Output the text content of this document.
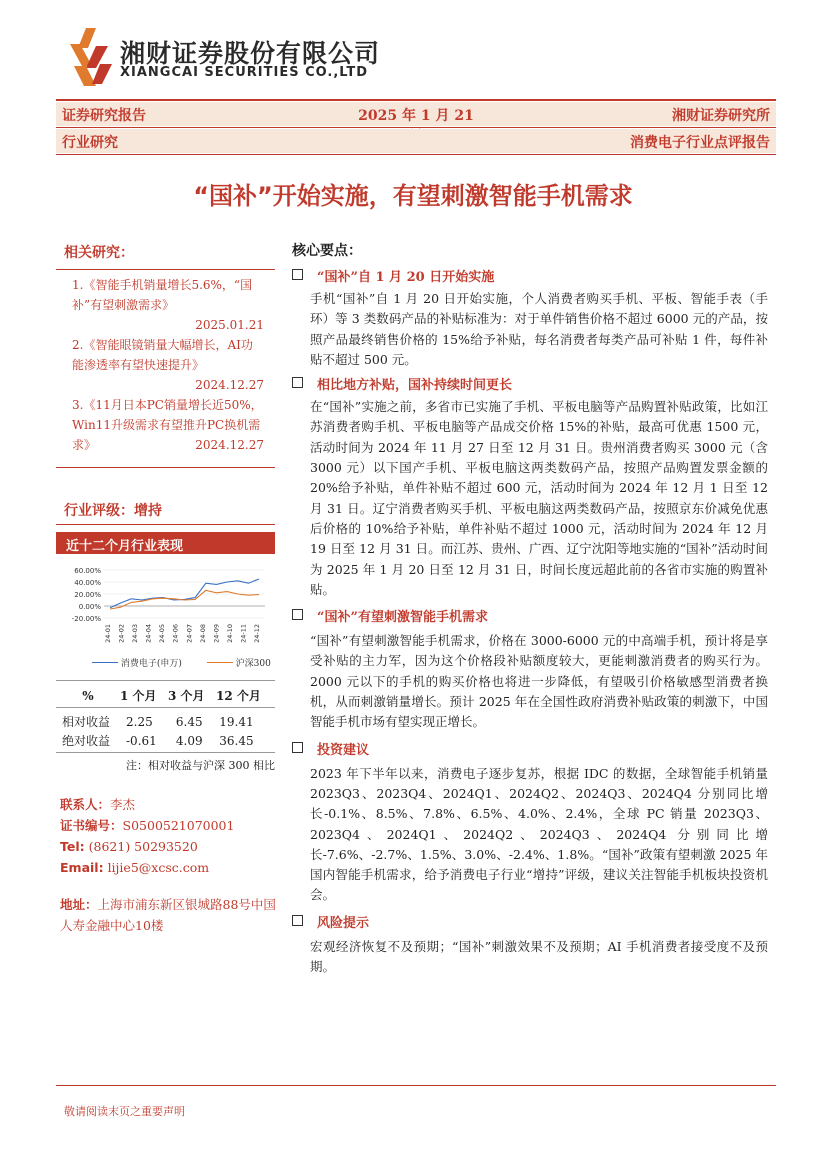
湘财证券股份有限公司
XIANGCAI SECURITIES CO.,LTD
证券研究报告	2025 年 1 月 21	湘财证券研究所
行业研究	消费电子行业点评报告
“国补”开始实施，有望刺激智能手机需求
相关研究：
1.《智能手机销量增长5.6%，“国补”有望刺激需求》
2025.01.21
2.《智能眼镜销量大幅增长，AI功能渗透率有望快速提升》
2024.12.27
3.《11月日本PC销量增长近50%，Win11升级需求有望推升PC换机需求》	2024.12.27
行业评级：增持
近十二个月行业表现
60.00%
40.00%
20.00%
0.00%
-20.00%
24-01 24-02 24-03 24-04 24-05 24-06 24-07 24-08 24-09 24-10 24-11 24-12
消费电子(申万)	沪深300
%	1 个月	3 个月	12 个月
相对收益	2.25	6.45	19.41
绝对收益	-0.61	4.09	36.45
注：相对收益与沪深 300 相比
联系人：李杰
证书编号：S0500521070001
Tel: (8621) 50293520
Email: lijie5@xcsc.com
地址：上海市浦东新区银城路88号中国人寿金融中心10楼
核心要点：
“国补”自 1 月 20 日开始实施
手机“国补”自 1 月 20 日开始实施，个人消费者购买手机、平板、智能手表（手环）等 3 类数码产品的补贴标准为：对于单件销售价格不超过 6000 元的产品，按照产品最终销售价格的 15%给予补贴，每名消费者每类产品可补贴 1 件，每件补贴不超过 500 元。
相比地方补贴，国补持续时间更长
在“国补”实施之前，多省市已实施了手机、平板电脑等产品购置补贴政策，比如江苏消费者购手机、平板电脑等产品成交价格 15%的补贴，最高可优惠 1500 元，活动时间为 2024 年 11 月 27 日至 12 月 31 日。贵州消费者购买 3000 元（含 3000 元）以下国产手机、平板电脑这两类数码产品，按照产品购置发票金额的 20%给予补贴，单件补贴不超过 600 元，活动时间为 2024 年 12 月 1 日至 12 月 31 日。辽宁消费者购买手机、平板电脑这两类数码产品，按照京东价减免优惠后价格的 10%给予补贴，单件补贴不超过 1000 元，活动时间为 2024 年 12 月 19 日至 12 月 31 日。而江苏、贵州、广西、辽宁沈阳等地实施的“国补”活动时间为 2025 年 1 月 20 日至 12 月 31 日，时间长度远超此前的各省市实施的购置补贴。
“国补”有望刺激智能手机需求
“国补”有望刺激智能手机需求，价格在 3000-6000 元的中高端手机，预计将是享受补贴的主力军，因为这个价格段补贴额度较大，更能刺激消费者的购买行为。2000 元以下的手机的购买价格也将进一步降低，有望吸引价格敏感型消费者换机，从而刺激销量增长。预计 2025 年在全国性政府消费补贴政策的刺激下，中国智能手机市场有望实现正增长。
投资建议
2023 年下半年以来，消费电子逐步复苏，根据 IDC 的数据，全球智能手机销量 2023Q3、2023Q4、2024Q1、2024Q2、2024Q3、2024Q4 分别同比增长-0.1%、8.5%、7.8%、6.5%、4.0%、2.4%，全球 PC 销量 2023Q3、2023Q4、2024Q1、2024Q2、2024Q3、2024Q4 分别同比增长-7.6%、-2.7%、1.5%、3.0%、-2.4%、1.8%。“国补”政策有望刺激 2025 年国内智能手机需求，给予消费电子行业“增持”评级，建议关注智能手机板块投资机会。
风险提示
宏观经济恢复不及预期；“国补”刺激效果不及预期；AI 手机消费者接受度不及预期。
敬请阅读末页之重要声明
